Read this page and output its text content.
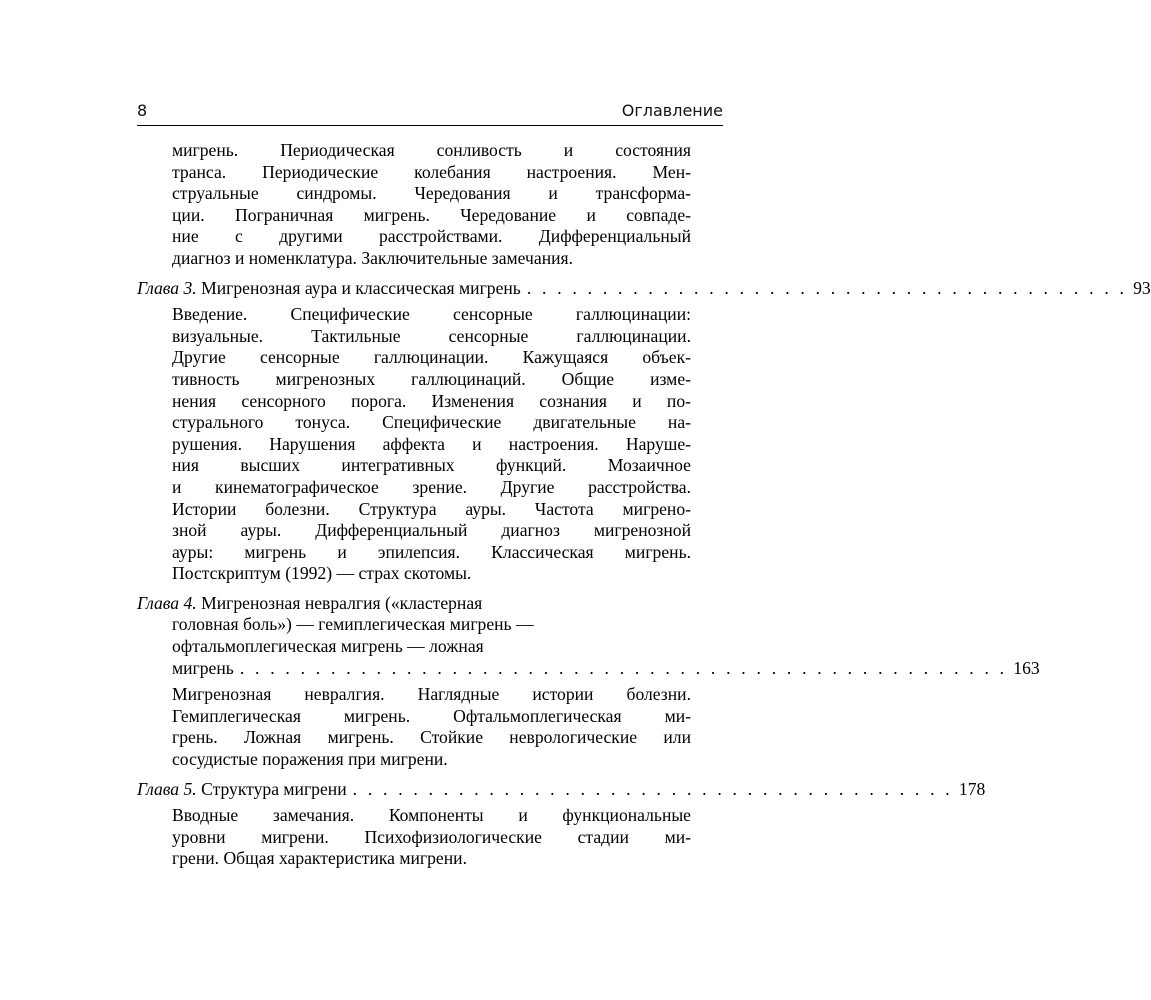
8	Оглавление
мигрень. Периодическая сонливость и состояния
транса. Периодические колебания настроения. Мен-
струальные синдромы. Чередования и трансформа-
ции. Пограничная мигрень. Чередование и совпаде-
ние с другими расстройствами. Дифференциальный
диагноз и номенклатура. Заключительные замечания.
Глава 3.
Мигренозная аура и классическая мигрень . . . . . . . . . . . . . . . . . . . . . . . . . . . . . . . . . . . . . . . . 93
Введение. Специфические сенсорные галлюцинации:
визуальные. Тактильные сенсорные галлюцинации.
Другие сенсорные галлюцинации. Кажущаяся объек-
тивность мигренозных галлюцинаций. Общие изме-
нения сенсорного порога. Изменения сознания и по-
стурального тонуса. Специфические двигательные на-
рушения. Нарушения аффекта и настроения. Наруше-
ния высших интегративных функций. Мозаичное
и кинематографическое зрение. Другие расстройства.
Истории болезни. Структура ауры. Частота мигрено-
зной ауры. Дифференциальный диагноз мигренозной
ауры: мигрень и эпилепсия. Классическая мигрень.
Постскриптум (1992) — страх скотомы.
Глава 4.
Мигренозная невралгия («кластерная
головная боль») — гемиплегическая мигрень —
офтальмоплегическая мигрень — ложная
мигрень . . . . . . . . . . . . . . . . . . . . . . . . . . . . . . . . . . . . . . . . . . . . . . . . . . . 163
Мигренозная невралгия. Наглядные истории болезни.
Гемиплегическая мигрень. Офтальмоплегическая ми-
грень. Ложная мигрень. Стойкие неврологические или
сосудистые поражения при мигрени.
Глава 5.
Структура мигрени . . . . . . . . . . . . . . . . . . . . . . . . . . . . . . . . . . . . . . . . 178
Вводные замечания. Компоненты и функциональные
уровни мигрени. Психофизиологические стадии ми-
грени. Общая характеристика мигрени.
